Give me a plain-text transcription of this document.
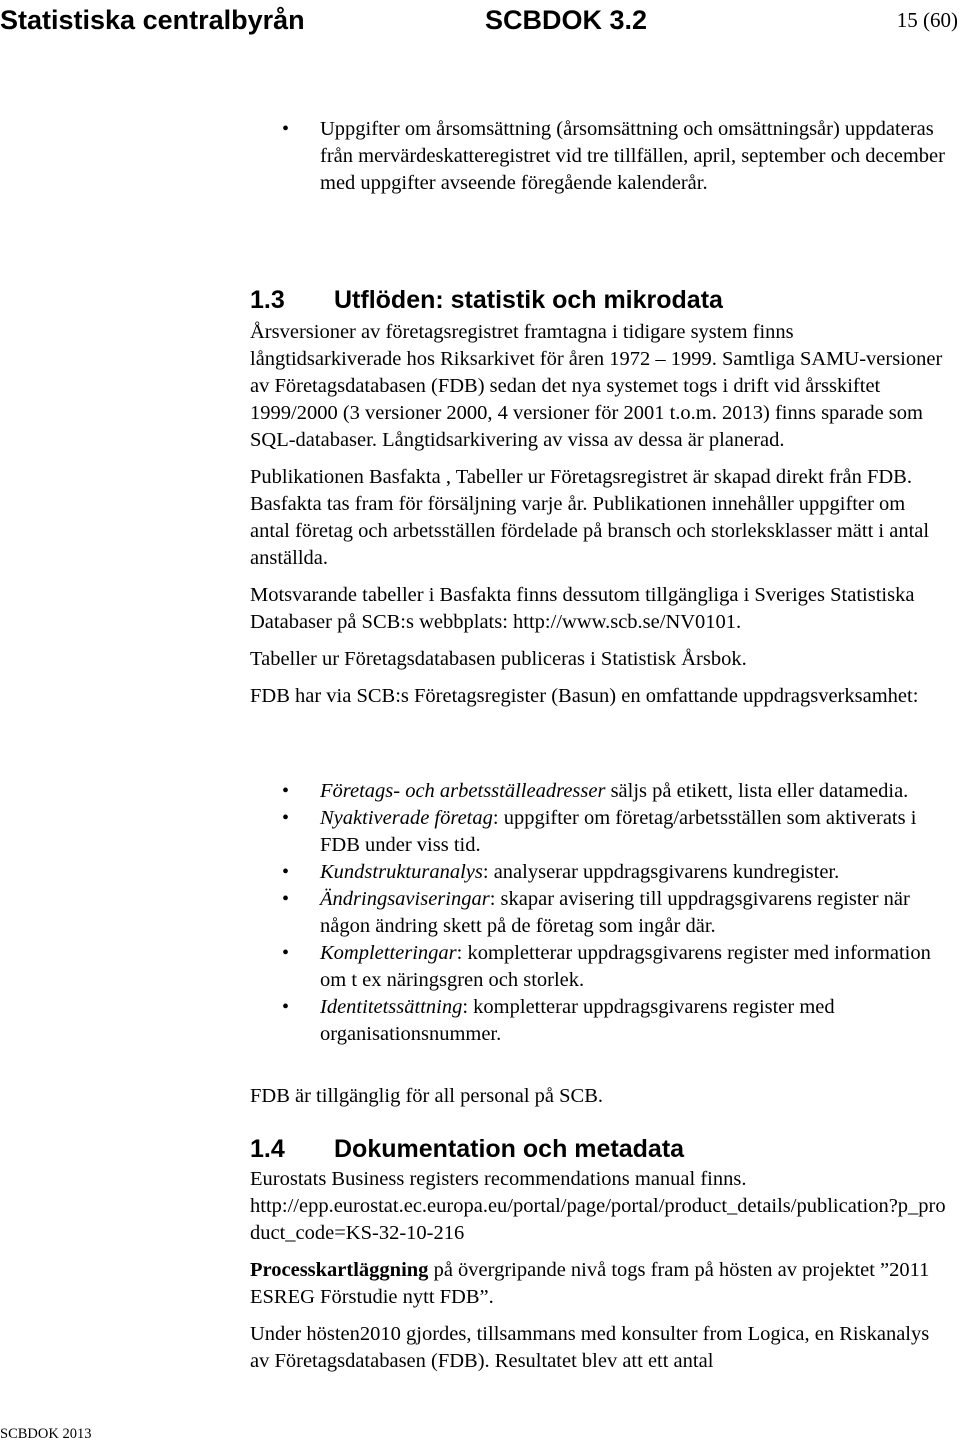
Statistiska centralbyrån	SCBDOK 3.2	15 (60)
• Uppgifter om årsomsättning (årsomsättning och omsättningsår) uppdateras från mervärdeskatteregistret vid tre tillfällen, april, september och december med uppgifter avseende föregående kalenderår.
1.3	Utflöden: statistik och mikrodata

Årsversioner av företagsregistret framtagna i tidigare system finns långtidsarkiverade hos Riksarkivet för åren 1972 – 1999. Samtliga SAMU-versioner av Företagsdatabasen (FDB) sedan det nya systemet togs i drift vid årsskiftet 1999/2000 (3 versioner 2000, 4 versioner för 2001 t.o.m. 2013) finns sparade som SQL-databaser. Långtidsarkivering av vissa av dessa är planerad.

Publikationen Basfakta , Tabeller ur Företagsregistret är skapad direkt från FDB. Basfakta tas fram för försäljning varje år. Publikationen innehåller uppgifter om antal företag och arbetsställen fördelade på bransch och storleksklasser mätt i antal anställda.

Motsvarande tabeller i Basfakta finns dessutom tillgängliga i Sveriges Statistiska Databaser på SCB:s webbplats: http://www.scb.se/NV0101.

Tabeller ur Företagsdatabasen publiceras i Statistisk Årsbok.

FDB har via SCB:s Företagsregister (Basun) en omfattande uppdragsverksamhet:

• Företags- och arbetsställeadresser säljs på etikett, lista eller datamedia.
• Nyaktiverade företag: uppgifter om företag/arbetsställen som aktiverats i FDB under viss tid.
• Kundstrukturanalys: analyserar uppdragsgivarens kundregister.
• Ändringsaviseringar: skapar avisering till uppdragsgivarens register när någon ändring skett på de företag som ingår där.
• Kompletteringar: kompletterar uppdragsgivarens register med information om t ex näringsgren och storlek.
• Identitetssättning: kompletterar uppdragsgivarens register med organisationsnummer.

FDB är tillgänglig för all personal på SCB.

1.4	Dokumentation och metadata

Eurostats Business registers recommendations manual finns.

http://epp.eurostat.ec.europa.eu/portal/page/portal/product_details/publication?p_product_code=KS-32-10-216

Processkartläggning på övergripande nivå togs fram på hösten av projektet ”2011 ESREG Förstudie nytt FDB”.

Under hösten2010 gjordes, tillsammans med konsulter from Logica, en Riskanalys av Företagsdatabasen (FDB). Resultatet blev att ett antal

SCBDOK 2013
